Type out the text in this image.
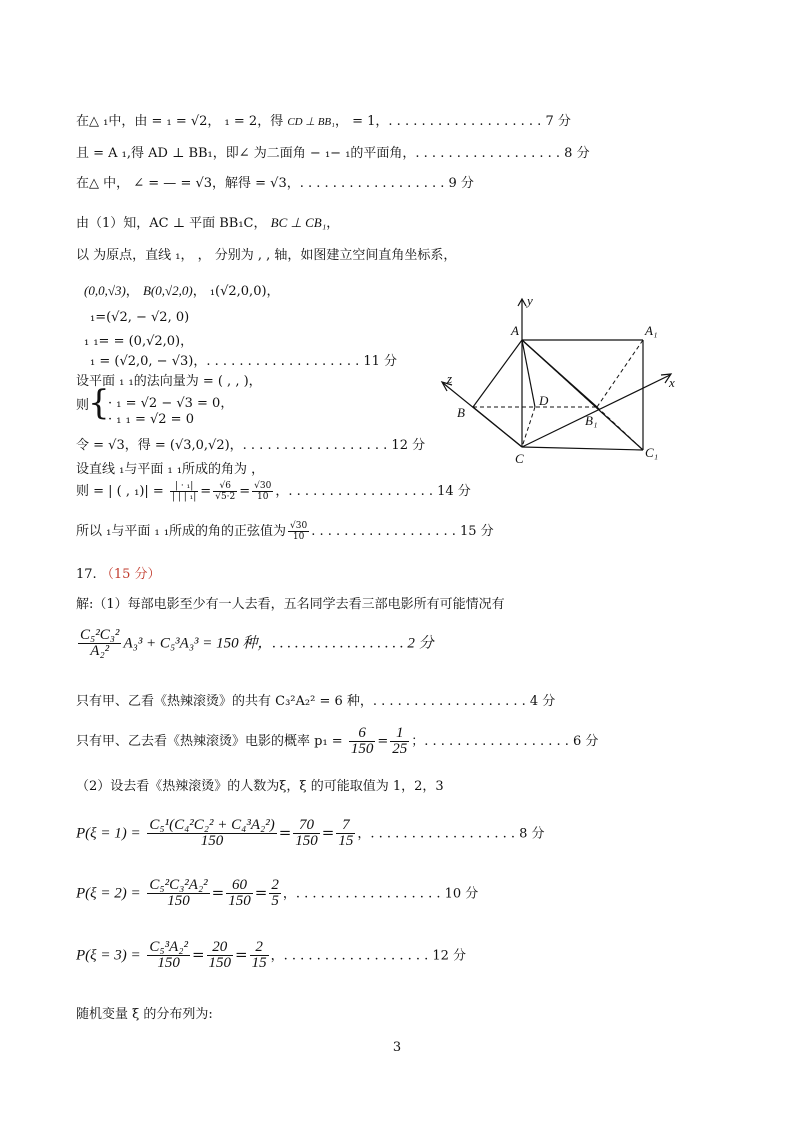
在△ ₁中，由 = ₁ = √2， ₁ = 2，得 CD ⊥ BB₁， = 1，. . . . . . . . . . . . . . . . . . . 7 分
且 = A ₁,得 AD ⊥ BB₁，即∠ 为二面角 − ₁− ₁的平面角，. . . . . . . . . . . . . . . . . . 8 分
在△ 中， ∠ = — = √3，解得 = √3，. . . . . . . . . . . . . . . . . . 9 分
由（1）知，AC ⊥ 平面 BB₁C， BC ⊥ CB₁，
以 为原点，直线 ₁， ， 分别为 , , 轴，如图建立空间直角坐标系，
(0,0,√3)， B(0,√2,0)， ₁(√2,0,0)，
₁=(√2, − √2, 0)
₁ ₁= = (0,√2,0)，
₁ = (√2,0, − √3)，. . . . . . . . . . . . . . . . . . . 11 分
设平面 ₁ ₁的法向量为 = ( , , )，
则
{
· ₁ = √2 − √3 = 0，
· ₁ ₁ = √2 = 0
令 = √3，得 = (√3,0,√2)，. . . . . . . . . . . . . . . . . . 12 分
设直线 ₁与平面 ₁ ₁所成的角为 ，
则 = | ( , $_1)| = \frac{\text{| · ₁|}}{\text{| | | ₁|}} = \frac{√6}{√5\cdot 2} = \frac{√30}{10}$ ，. . . . . . . . . . . . . . . . . . 14 分
所以 ₁与平面 ₁ ₁所成的角的正弦值为 $\frac{√30}{10}$ . . . . . . . . . . . . . . . . . . 15 分
17. （15 分）
解:（1）每部电影至少有一人去看，五名同学去看三部电影所有可能情况有
$\frac{\text{C₅²C₃²}}{\text{A₂²}} A_3^3 + C_5^3A_3^3 = 150$ 种，. . . . . . . . . . . . . . . . . . 2 分
只有甲、乙看《热辣滚烫》的共有 C₃²A₂² = 6 种，. . . . . . . . . . . . . . . . . . . 4 分
只有甲、乙去看《热辣滚烫》电影的概率 $p_1 = \frac{6}{150} = \frac{1}{25}$ ；. . . . . . . . . . . . . . . . . . 6 分
（2）设去看《热辣滚烫》的人数为ξ，ξ 的可能取值为 1，2，3
$P(\xi = 1) = \frac{\text{C₅¹(C₄²C₂² + C₄³A₂²)}}{150} = \frac{70}{150} = \frac{7}{15}$ ，. . . . . . . . . . . . . . . . . . 8 分
$P(\xi = 2) = \frac{\text{C₅²C₃²A₂²}}{150} = \frac{60}{150} = \frac{2}{5}$ ，. . . . . . . . . . . . . . . . . . 10 分
$P(\xi = 3) = \frac{\text{C₅³A₂²}}{150} = \frac{20}{150} = \frac{2}{15}$ ，. . . . . . . . . . . . . . . . . . 12 分
随机变量 ξ 的分布列为:
y
A	A₁
z	x
B
D
B₁
C	C₁
3
